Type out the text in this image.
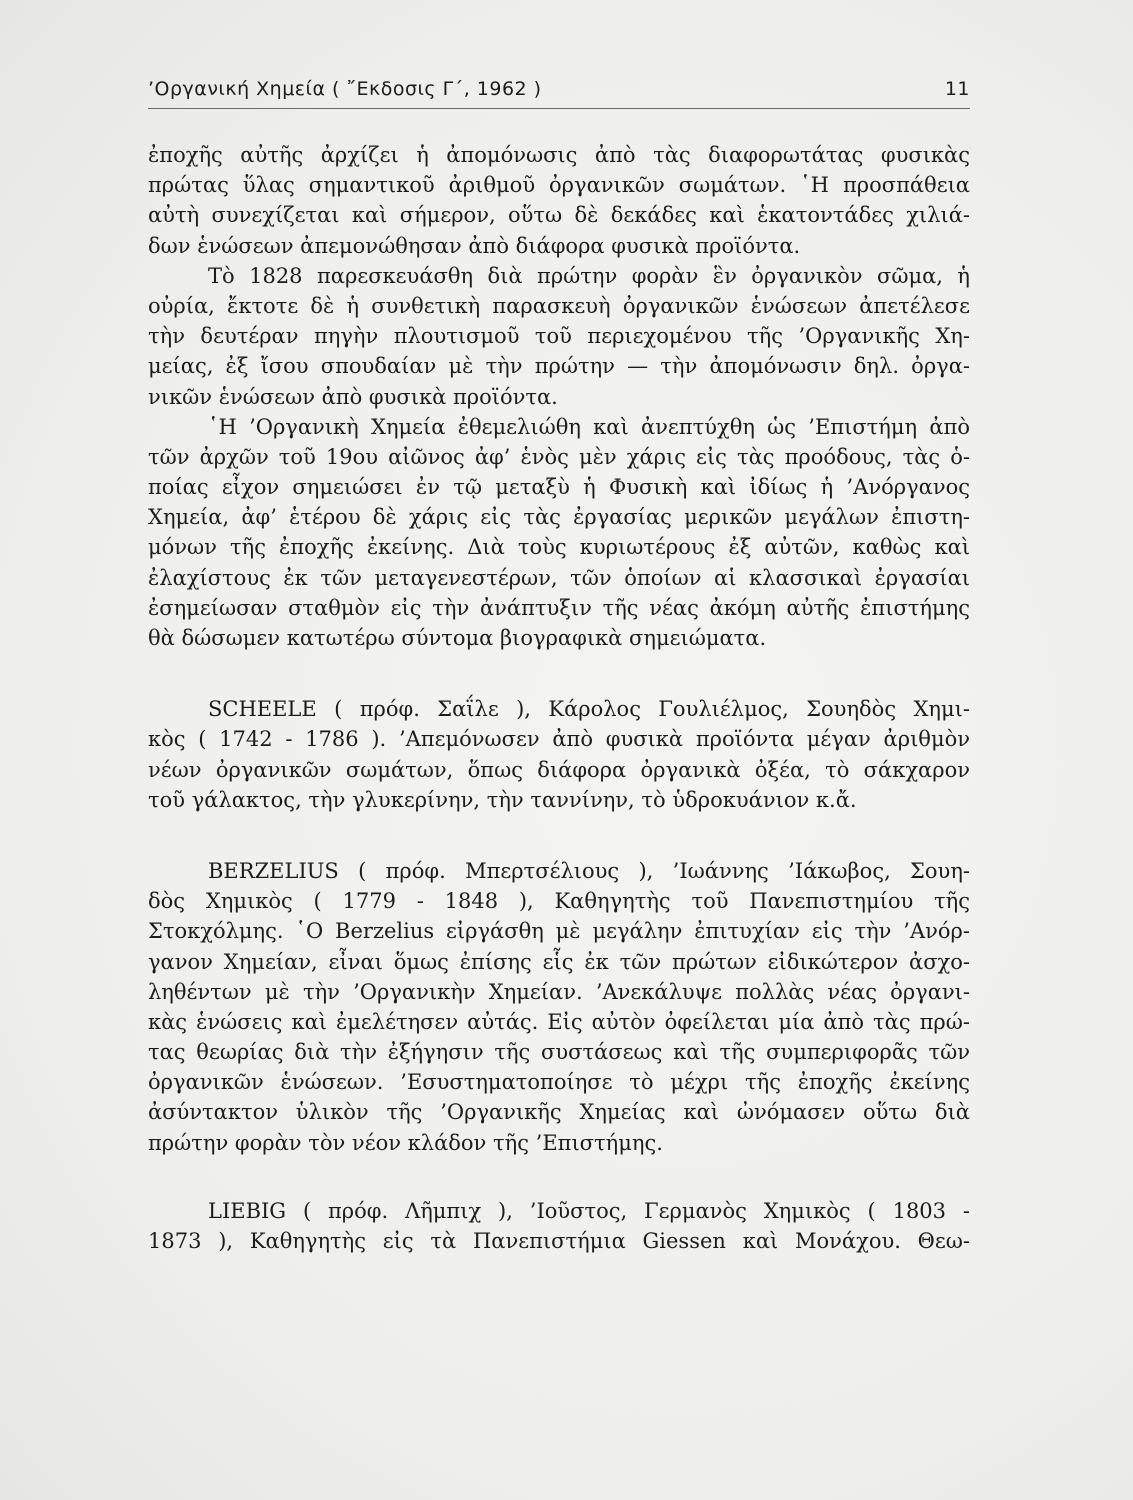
’Οργανική Χημεία ( ῎Εκδοσις Γ΄, 1962 )	11
ἐποχῆς αὐτῆς ἀρχίζει ἡ ἀπομόνωσις ἀπὸ τὰς διαφορωτάτας φυσικὰς
πρώτας ὕλας σημαντικοῦ ἀριθμοῦ ὀργανικῶν σωμάτων. ῾Η προσπάθεια
αὐτὴ συνεχίζεται καὶ σήμερον, οὕτω δὲ δεκάδες καὶ ἑκατοντάδες χιλιά-
δων ἑνώσεων ἀπεμονώθησαν ἀπὸ διάφορα φυσικὰ προϊόντα.
Τὸ 1828 παρεσκευάσθη διὰ πρώτην φορὰν ἓν ὀργανικὸν σῶμα, ἡ
οὐρία, ἔκτοτε δὲ ἡ συνθετικὴ παρασκευὴ ὀργανικῶν ἑνώσεων ἀπετέλεσε
τὴν δευτέραν πηγὴν πλουτισμοῦ τοῦ περιεχομένου τῆς ’Οργανικῆς Χη-
μείας, ἐξ ἴσου σπουδαίαν μὲ τὴν πρώτην — τὴν ἀπομόνωσιν δηλ. ὀργα-
νικῶν ἑνώσεων ἀπὸ φυσικὰ προϊόντα.
῾Η ’Οργανικὴ Χημεία ἐθεμελιώθη καὶ ἀνεπτύχθη ὡς ’Επιστήμη ἀπὸ
τῶν ἀρχῶν τοῦ 19ου αἰῶνος ἀφ’ ἑνὸς μὲν χάρις εἰς τὰς προόδους, τὰς ὁ-
ποίας εἶχον σημειώσει ἐν τῷ μεταξὺ ἡ Φυσικὴ καὶ ἰδίως ἡ ’Ανόργανος
Χημεία, ἀφ’ ἑτέρου δὲ χάρις εἰς τὰς ἐργασίας μερικῶν μεγάλων ἐπιστη-
μόνων τῆς ἐποχῆς ἐκείνης. Διὰ τοὺς κυριωτέρους ἐξ αὐτῶν, καθὼς καὶ
ἐλαχίστους ἐκ τῶν μεταγενεστέρων, τῶν ὁποίων αἱ κλασσικαὶ ἐργασίαι
ἐσημείωσαν σταθμὸν εἰς τὴν ἀνάπτυξιν τῆς νέας ἀκόμη αὐτῆς ἐπιστήμης
θὰ δώσωμεν κατωτέρω σύντομα βιογραφικὰ σημειώματα.
SCHEELE ( πρόφ. Σαΐλε ), Κάρολος Γουλιέλμος, Σουηδὸς Χημι-
κὸς ( 1742 - 1786 ). ’Απεμόνωσεν ἀπὸ φυσικὰ προϊόντα μέγαν ἀριθμὸν
νέων ὀργανικῶν σωμάτων, ὅπως διάφορα ὀργανικὰ ὀξέα, τὸ σάκχαρον
τοῦ γάλακτος, τὴν γλυκερίνην, τὴν ταννίνην, τὸ ὑδροκυάνιον κ.ἄ.
BERZELIUS ( πρόφ. Μπερτσέλιους ), ’Ιωάννης ’Ιάκωβος, Σουη-
δὸς Χημικὸς ( 1779 - 1848 ), Καθηγητὴς τοῦ Πανεπιστημίου τῆς
Στοκχόλμης. ῾Ο Berzelius εἰργάσθη μὲ μεγάλην ἐπιτυχίαν εἰς τὴν ’Ανόρ-
γανον Χημείαν, εἶναι ὅμως ἐπίσης εἷς ἐκ τῶν πρώτων εἰδικώτερον ἀσχο-
ληθέντων μὲ τὴν ’Οργανικὴν Χημείαν. ’Ανεκάλυψε πολλὰς νέας ὀργανι-
κὰς ἑνώσεις καὶ ἐμελέτησεν αὐτάς. Εἰς αὐτὸν ὀφείλεται μία ἀπὸ τὰς πρώ-
τας θεωρίας διὰ τὴν ἐξήγησιν τῆς συστάσεως καὶ τῆς συμπεριφορᾶς τῶν
ὀργανικῶν ἑνώσεων. ’Εσυστηματοποίησε τὸ μέχρι τῆς ἐποχῆς ἐκείνης
ἀσύντακτον ὑλικὸν τῆς ’Οργανικῆς Χημείας καὶ ὠνόμασεν οὕτω διὰ
πρώτην φορὰν τὸν νέον κλάδον τῆς ’Επιστήμης.
LIEBIG ( πρόφ. Λῆμπιχ ), ’Ιοῦστος, Γερμανὸς Χημικὸς ( 1803 -
1873 ), Καθηγητὴς εἰς τὰ Πανεπιστήμια Giessen καὶ Μονάχου. Θεω-
